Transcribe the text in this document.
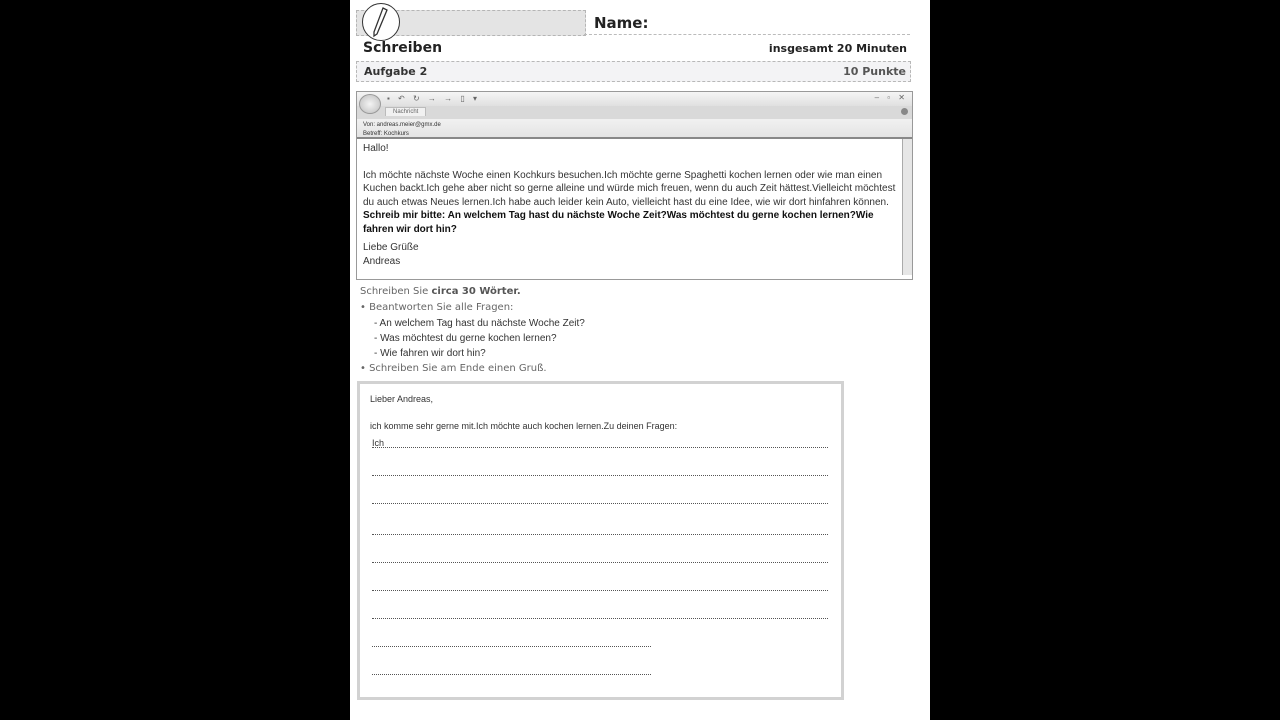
Name:
Schreiben	insgesamt 20 Minuten
Aufgabe 2	10 Punkte
▪ ↶ ↻ → → ▯ ▾	– ▫ ✕
Nachricht
Von: andreas.meier@gmx.de
Betreff: Kochkurs

Hallo!

Ich möchte nächste Woche einen Kochkurs besuchen.Ich möchte gerne Spaghetti kochen lernen oder wie man einen Kuchen backt.Ich gehe aber nicht so gerne alleine und würde mich freuen, wenn du auch Zeit hättest.Vielleicht möchtest du auch etwas Neues lernen.Ich habe auch leider kein Auto, vielleicht hast du eine Idee, wie wir dort hinfahren können.

Schreib mir bitte: An welchem Tag hast du nächste Woche Zeit?Was möchtest du gerne kochen lernen?Wie fahren wir dort hin?

Liebe Grüße

Andreas

Schreiben Sie circa 30 Wörter.
• Beantworten Sie alle Fragen:
- An welchem Tag hast du nächste Woche Zeit?
- Was möchtest du gerne kochen lernen?
- Wie fahren wir dort hin?
• Schreiben Sie am Ende einen Gruß.
Lieber Andreas,
ich komme sehr gerne mit.Ich möchte auch kochen lernen.Zu deinen Fragen:
Ich
